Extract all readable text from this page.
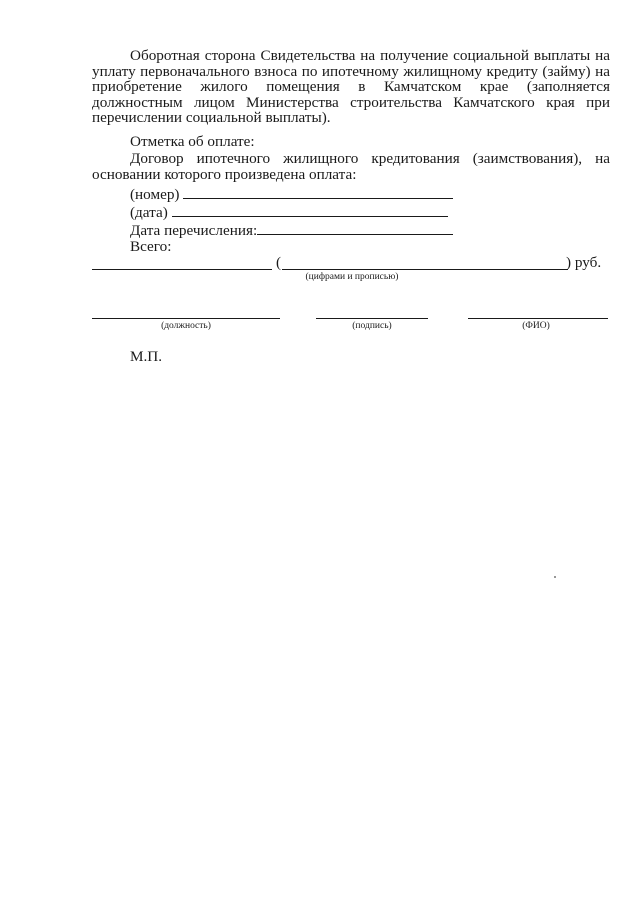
Оборотная сторона Свидетельства на получение социальной выплаты на уплату первоначального взноса по ипотечному жилищному кредиту (займу) на приобретение жилого помещения в Камчатском крае (заполняется должностным лицом Министерства строительства Камчатского края при перечислении социальной выплаты).

Отметка об оплате:

Договор ипотечного жилищного кредитования (заимствования), на основании которого произведена оплата:

(номер)
(дата)
Дата перечисления:
Всего:
(	) руб.
(цифрами и прописью)
(должность)	(подпись)	(ФИО)
М.П.
